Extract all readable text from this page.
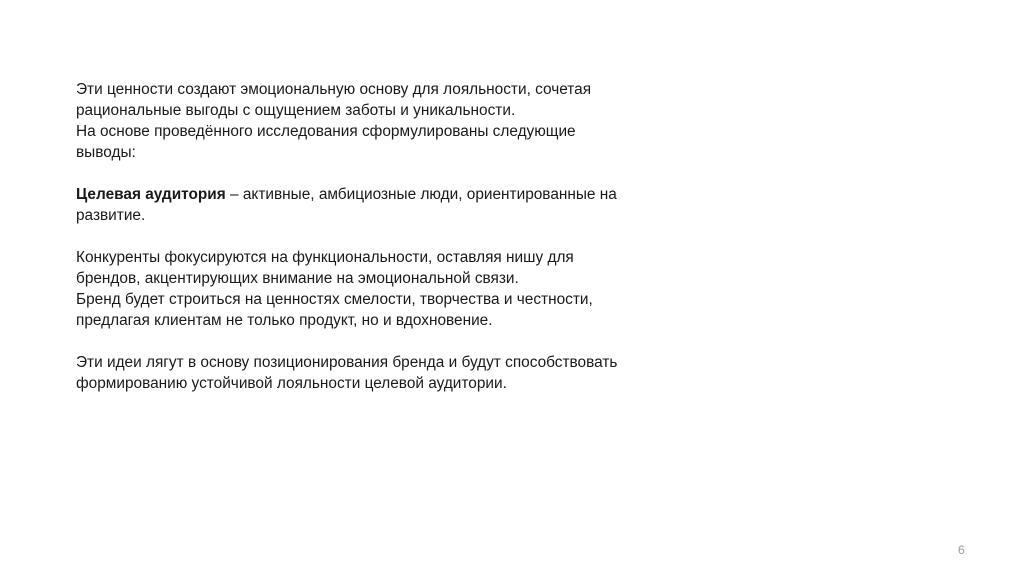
Эти ценности создают эмоциональную основу для лояльности, сочетая
рациональные выгоды с ощущением заботы и уникальности.
На основе проведённого исследования сформулированы следующие
выводы:
Целевая аудитория – активные, амбициозные люди, ориентированные на
развитие.
Конкуренты фокусируются на функциональности, оставляя нишу для
брендов, акцентирующих внимание на эмоциональной связи.
Бренд будет строиться на ценностях смелости, творчества и честности,
предлагая клиентам не только продукт, но и вдохновение.
Эти идеи лягут в основу позиционирования бренда и будут способствовать
формированию устойчивой лояльности целевой аудитории.
6
